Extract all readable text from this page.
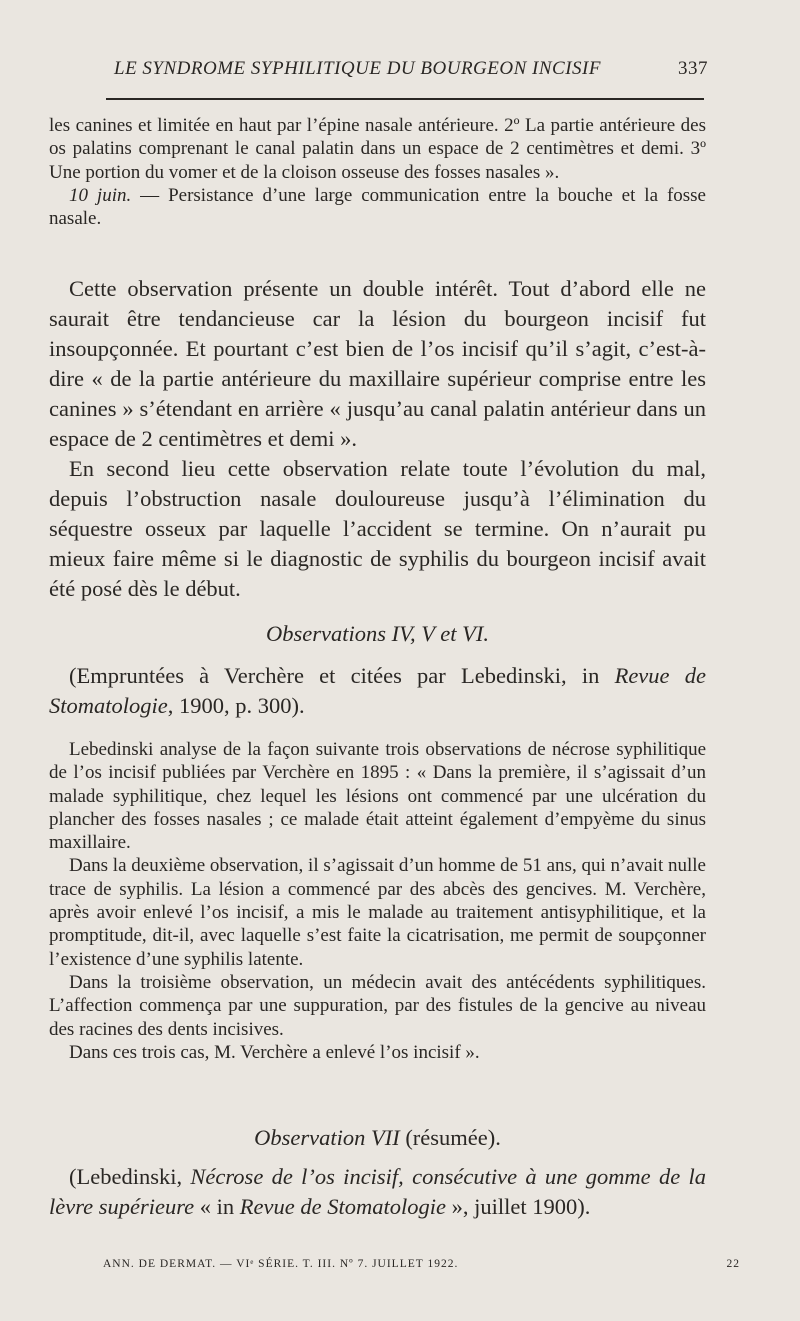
LE SYNDROME SYPHILITIQUE DU BOURGEON INCISIF	337

les canines et limitée en haut par l’épine nasale antérieure. 2º La partie antérieure des os palatins comprenant le canal palatin dans un espace de 2 centimètres et demi. 3º Une portion du vomer et de la cloison osseuse des fosses nasales ».

10 juin. — Persistance d’une large communication entre la bouche et la fosse nasale.

Cette observation présente un double intérêt. Tout d’abord elle ne saurait être tendancieuse car la lésion du bourgeon incisif fut insoupçonnée. Et pourtant c’est bien de l’os incisif qu’il s’agit, c’est-à-dire « de la partie antérieure du maxillaire supérieur comprise entre les canines » s’étendant en arrière « jusqu’au canal palatin antérieur dans un espace de 2 centimètres et demi ».

En second lieu cette observation relate toute l’évolution du mal, depuis l’obstruction nasale douloureuse jusqu’à l’élimination du séquestre osseux par laquelle l’accident se termine. On n’aurait pu mieux faire même si le diagnostic de syphilis du bourgeon incisif avait été posé dès le début.

Observations IV, V et VI.

(Empruntées à Verchère et citées par Lebedinski, in Revue de Stomatologie, 1900, p. 300).

Lebedinski analyse de la façon suivante trois observations de nécrose syphilitique de l’os incisif publiées par Verchère en 1895 : « Dans la première, il s’agissait d’un malade syphilitique, chez lequel les lésions ont commencé par une ulcération du plancher des fosses nasales ; ce malade était atteint également d’empyème du sinus maxillaire.

Dans la deuxième observation, il s’agissait d’un homme de 51 ans, qui n’avait nulle trace de syphilis. La lésion a commencé par des abcès des gencives. M. Verchère, après avoir enlevé l’os incisif, a mis le malade au traitement antisyphilitique, et la promptitude, dit-il, avec laquelle s’est faite la cicatrisation, me permit de soupçonner l’existence d’une syphilis latente.

Dans la troisième observation, un médecin avait des antécédents syphilitiques. L’affection commença par une suppuration, par des fistules de la gencive au niveau des racines des dents incisives.

Dans ces trois cas, M. Verchère a enlevé l’os incisif ».

Observation VII (résumée).

(Lebedinski, Nécrose de l’os incisif, consécutive à une gomme de la lèvre supérieure « in Revue de Stomatologie », juillet 1900).

ANN. DE DERMAT. — VIᵉ SÉRIE. T. III. Nº 7. JUILLET 1922.	22
